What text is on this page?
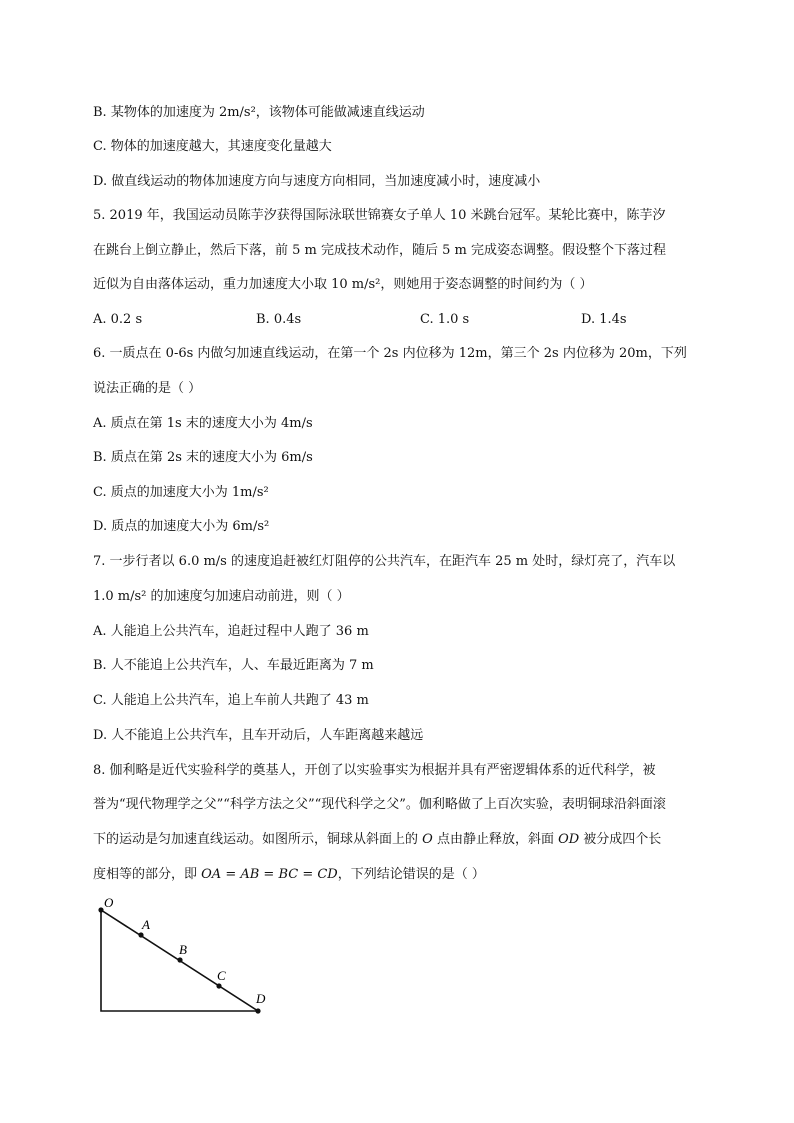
B. 某物体的加速度为 2m/s²，该物体可能做减速直线运动
C. 物体的加速度越大，其速度变化量越大
D. 做直线运动的物体加速度方向与速度方向相同，当加速度减小时，速度减小
5. 2019 年，我国运动员陈芋汐获得国际泳联世锦赛女子单人 10 米跳台冠军。某轮比赛中，陈芋汐
在跳台上倒立静止，然后下落，前 5 m 完成技术动作，随后 5 m 完成姿态调整。假设整个下落过程
近似为自由落体运动，重力加速度大小取 10 m/s²，则她用于姿态调整的时间约为（ ）
A. 0.2 s	B. 0.4s	C. 1.0 s	D. 1.4s
6. 一质点在 0-6s 内做匀加速直线运动，在第一个 2s 内位移为 12m，第三个 2s 内位移为 20m，下列
说法正确的是（ ）
A. 质点在第 1s 末的速度大小为 4m/s
B. 质点在第 2s 末的速度大小为 6m/s
C. 质点的加速度大小为 1m/s²
D. 质点的加速度大小为 6m/s²
7. 一步行者以 6.0 m/s 的速度追赶被红灯阻停的公共汽车，在距汽车 25 m 处时，绿灯亮了，汽车以
1.0 m/s² 的加速度匀加速启动前进，则（ ）
A. 人能追上公共汽车，追赶过程中人跑了 36 m
B. 人不能追上公共汽车，人、车最近距离为 7 m
C. 人能追上公共汽车，追上车前人共跑了 43 m
D. 人不能追上公共汽车，且车开动后，人车距离越来越远
8. 伽利略是近代实验科学的奠基人，开创了以实验事实为根据并具有严密逻辑体系的近代科学，被
誉为“现代物理学之父”“科学方法之父”“现代科学之父”。伽利略做了上百次实验，表明铜球沿斜面滚
下的运动是匀加速直线运动。如图所示，铜球从斜面上的 O 点由静止释放，斜面 OD 被分成四个长
度相等的部分，即 OA = AB = BC = CD，下列结论错误的是（ ）
O
A
B
C
D
